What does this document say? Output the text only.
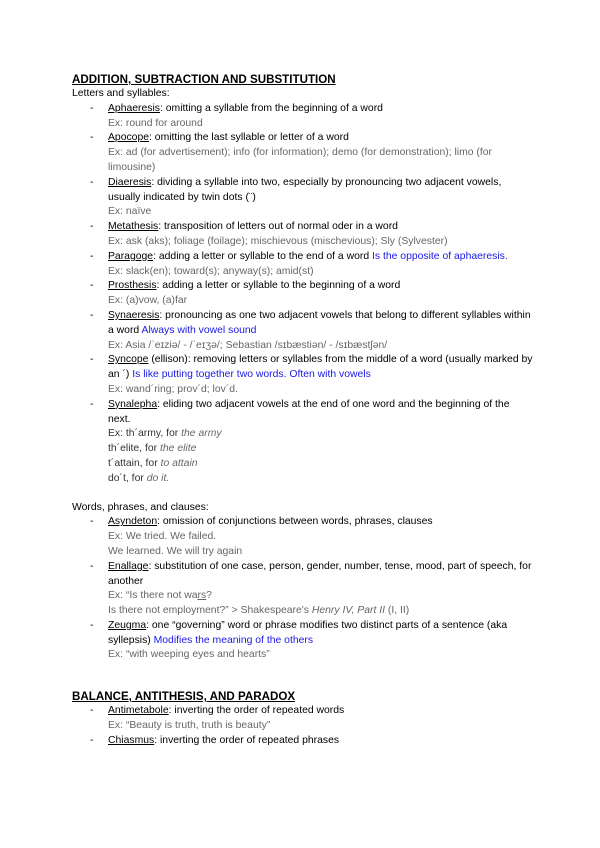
ADDITION, SUBTRACTION AND SUBSTITUTION

Letters and syllables:

- Aphaeresis: omitting a syllable from the beginning of a word
Ex: round for around
- Apocope: omitting the last syllable or letter of a word
Ex: ad (for advertisement); info (for information); demo (for demonstration); limo (for limousine)
- Diaeresis: dividing a syllable into two, especially by pronouncing two adjacent vowels, usually indicated by twin dots (¨)
Ex: naïve
- Metathesis: transposition of letters out of normal oder in a word
Ex: ask (aks); foliage (foilage); mischievous (mischevious); Sly (Sylvester)
- Paragoge: adding a letter or syllable to the end of a word Is the opposite of aphaeresis.
Ex: slack(en); toward(s); anyway(s); amid(st)
- Prosthesis: adding a letter or syllable to the beginning of a word
Ex: (a)vow, (a)far
- Synaeresis: pronouncing as one two adjacent vowels that belong to different syllables within a word Always with vowel sound
Ex: Asia /ˈeɪziə/ - /ˈeɪʒə/; Sebastian /sɪbæstiən/ - /sɪbæstʃən/
- Syncope (ellison): removing letters or syllables from the middle of a word (usually marked by an ´) Is like putting together two words. Often with vowels
Ex: wand´ring; prov´d; lov´d.
- Synalepha: eliding two adjacent vowels at the end of one word and the beginning of the next.
Ex: th´army, for the army
th´elite, for the elite
t´attain, for to attain
do´t, for do it.

Words, phrases, and clauses:

- Asyndeton: omission of conjunctions between words, phrases, clauses
Ex: We tried. We failed.
We learned. We will try again
- Enallage: substitution of one case, person, gender, number, tense, mood, part of speech, for another
Ex: “Is there not wars?
Is there not employment?” > Shakespeare's Henry IV, Part II (I, II)
- Zeugma: one “governing” word or phrase modifies two distinct parts of a sentence (aka syllepsis) Modifies the meaning of the others
Ex: “with weeping eyes and hearts”

BALANCE, ANTITHESIS, AND PARADOX

- Antimetabole: inverting the order of repeated words
Ex: “Beauty is truth, truth is beauty”
- Chiasmus: inverting the order of repeated phrases
